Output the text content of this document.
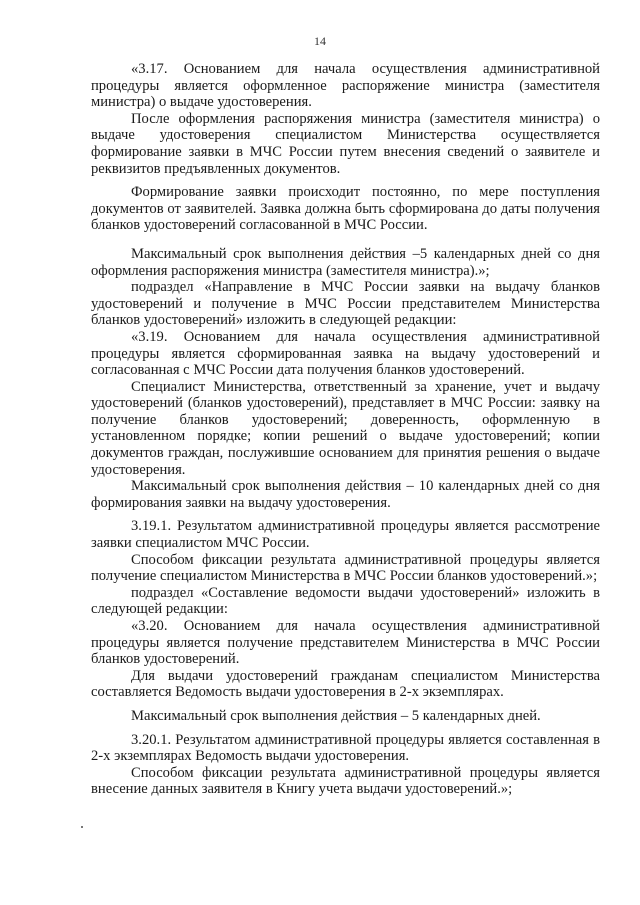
14

«3.17. Основанием для начала осуществления административной процедуры является оформленное распоряжение министра (заместителя министра) о выдаче удостоверения.

После оформления распоряжения министра (заместителя министра) о выдаче удостоверения специалистом Министерства осуществляется формирование заявки в МЧС России путем внесения сведений о заявителе и реквизитов предъявленных документов.

Формирование заявки происходит постоянно, по мере поступления документов от заявителей. Заявка должна быть сформирована до даты получения бланков удостоверений согласованной в МЧС России.

Максимальный срок выполнения действия –5 календарных дней со дня оформления распоряжения министра (заместителя министра).»;

подраздел «Направление в МЧС России заявки на выдачу бланков удостоверений и получение в МЧС России представителем Министерства бланков удостоверений» изложить в следующей редакции:

«3.19. Основанием для начала осуществления административной процедуры является сформированная заявка на выдачу удостоверений и согласованная с МЧС России дата получения бланков удостоверений.

Специалист Министерства, ответственный за хранение, учет и выдачу удостоверений (бланков удостоверений), представляет в МЧС России: заявку на получение бланков удостоверений; доверенность, оформленную в установленном порядке; копии решений о выдаче удостоверений; копии документов граждан, послужившие основанием для принятия решения о выдаче удостоверения.

Максимальный срок выполнения действия – 10 календарных дней со дня формирования заявки на выдачу удостоверения.

3.19.1. Результатом административной процедуры является рассмотрение заявки специалистом МЧС России.

Способом фиксации результата административной процедуры является получение специалистом Министерства в МЧС России бланков удостоверений.»;

подраздел «Составление ведомости выдачи удостоверений» изложить в следующей редакции:

«3.20. Основанием для начала осуществления административной процедуры является получение представителем Министерства в МЧС России бланков удостоверений.

Для выдачи удостоверений гражданам специалистом Министерства составляется Ведомость выдачи удостоверения в 2-х экземплярах.

Максимальный срок выполнения действия – 5 календарных дней.

3.20.1. Результатом административной процедуры является составленная в 2-х экземплярах Ведомость выдачи удостоверения.

Способом фиксации результата административной процедуры является внесение данных заявителя в Книгу учета выдачи удостоверений.»;
